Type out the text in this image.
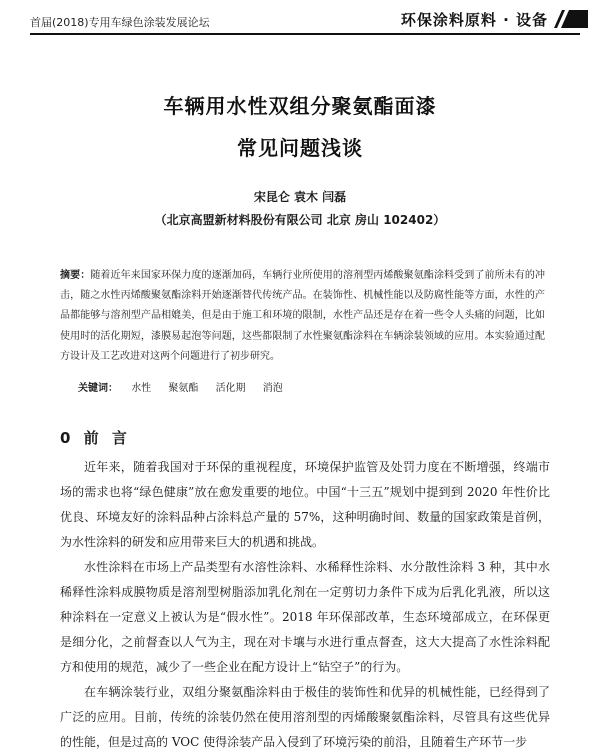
首届(2018)专用车绿色涂装发展论坛	环保涂料原料 · 设备
车辆用水性双组分聚氨酯面漆
常见问题浅谈
宋昆仑 袁木 闫磊
（北京高盟新材料股份有限公司 北京 房山 102402）
摘要：随着近年来国家环保力度的逐渐加码，车辆行业所使用的溶剂型丙烯酸聚氨酯涂料受到了前所未有的冲击，随之水性丙烯酸聚氨酯涂料开始逐渐替代传统产品。在装饰性、机械性能以及防腐性能等方面，水性的产品都能够与溶剂型产品相媲美，但是由于施工和环境的限制，水性产品还是存在着一些令人头痛的问题，比如使用时的活化期短，漆膜易起泡等问题，这些都限制了水性聚氨酯涂料在车辆涂装领域的应用。本实验通过配方设计及工艺改进对这两个问题进行了初步研究。
关键词： 水性 聚氨酯 活化期 消泡
0 前 言

近年来，随着我国对于环保的重视程度，环境保护监管及处罚力度在不断增强，终端市场的需求也将“绿色健康”放在愈发重要的地位。中国“十三五”规划中提到到 2020 年性价比优良、环境友好的涂料品种占涂料总产量的 57%，这种明确时间、数量的国家政策是首例，为水性涂料的研发和应用带来巨大的机遇和挑战。

水性涂料在市场上产品类型有水溶性涂料、水稀释性涂料、水分散性涂料 3 种，其中水稀释性涂料成膜物质是溶剂型树脂添加乳化剂在一定剪切力条件下成为后乳化乳液，所以这种涂料在一定意义上被认为是“假水性”。2018 年环保部改革，生态环境部成立，在环保更是细分化，之前督查以人气为主，现在对卡壤与水进行重点督查，这大大提高了水性涂料配方和使用的规范，减少了一些企业在配方设计上“钻空子”的行为。

在车辆涂装行业，双组分聚氨酯涂料由于极佳的装饰性和优异的机械性能，已经得到了广泛的应用。目前，传统的涂装仍然在使用溶剂型的丙烯酸聚氨酯涂料，尽管具有这些优异的性能，但是过高的 VOC 使得涂装产品入侵到了环境污染的前沿，且随着生产环节一步
